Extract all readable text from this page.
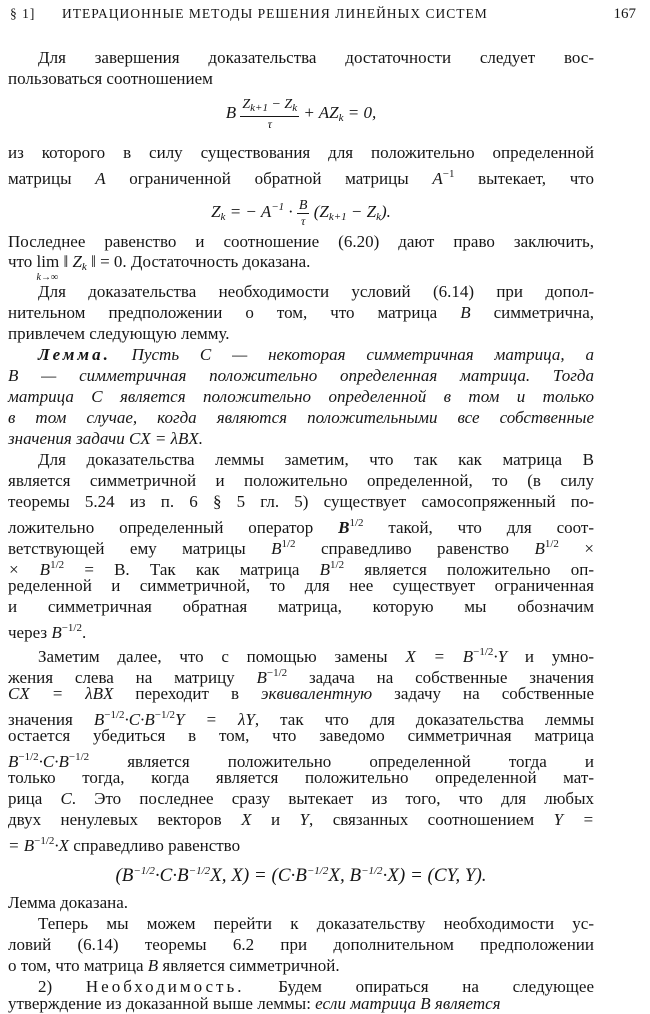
§ 1] ИТЕРАЦИОННЫЕ МЕТОДЫ РЕШЕНИЯ ЛИНЕЙНЫХ СИСТЕМ	167
Для завершения доказательства достаточности следует вос-
пользоваться соотношением
B $\frac{Z_{k+1} - Z_k}{\tau} + AZ_k = 0$,
из которого в силу существования для положительно определенной
матрицы A ограниченной обратной матрицы $A^{-1}$ вытекает, что
$Z_k$ = − $A^{-1} \cdot \frac{B}{\tau} (Z_{k+1} - Z_k)$.
Последнее равенство и соотношение (6.20) дают право заключить,
что lim
k→∞
‖ $Z_k$ ‖ = 0. Достаточность доказана.
Для доказательства необходимости условий (6.14) при допол-
нительном предположении о том, что матрица B симметрична,
привлечем следующую лемму.
Лемма. Пусть C — некоторая симметричная матрица, а
B — симметричная положительно определенная матрица. Тогда
матрица C является положительно определенной в том и только
в том случае, когда являются положительными все собственные
значения задачи CX = λBX.
Для доказательства леммы заметим, что так как матрица B
является симметричной и положительно определенной, то (в силу
теоремы 5.24 из п. 6 § 5 гл. 5) существует самосопряженный по-
ложительно определенный оператор $B^{1/2}$ такой, что для соот-
ветствующей ему матрицы $B^{1/2}$ справедливо равенство $B^{1/2}$ ×
× $B^{1/2} = B$. Так как матрица $B^{1/2}$ является положительно оп-
ределенной и симметричной, то для нее существует ограниченная
и симметричная обратная матрица, которую мы обозначим
через $B^{-1/2}$.
Заметим далее, что с помощью замены $X = B^{-1/2}\cdot Y$ и умно-
жения слева на матрицу $B^{-1/2}$ задача на собственные значения
CX = λBX переходит в эквивалентную задачу на собственные
значения $B^{-1/2}\cdot C\cdot B^{-1/2}Y = \lambda Y$, так что для доказательства леммы
остается убедиться в том, что заведомо симметричная матрица
$B^{-1/2}\cdot C\cdot B^{-1/2}$ является положительно определенной тогда и
только тогда, когда является положительно определенной мат-
рица C. Это последнее сразу вытекает из того, что для любых
двух ненулевых векторов X и Y, связанных соотношением Y =
= $B^{-1/2}\cdot X$ справедливо равенство
($B^{-1/2}\cdot C\cdot B^{-1/2}X$, $X) = (C\cdot B^{-1/2}X$, $B^{-1/2}\cdot X) = (CY$, Y).
Лемма доказана.
Теперь мы можем перейти к доказательству необходимости ус-
ловий (6.14) теоремы 6.2 при дополнительном предположении
о том, что матрица B является симметричной.
2) Необходимость. Будем опираться на следующее
утверждение из доказанной выше леммы: если матрица B является
